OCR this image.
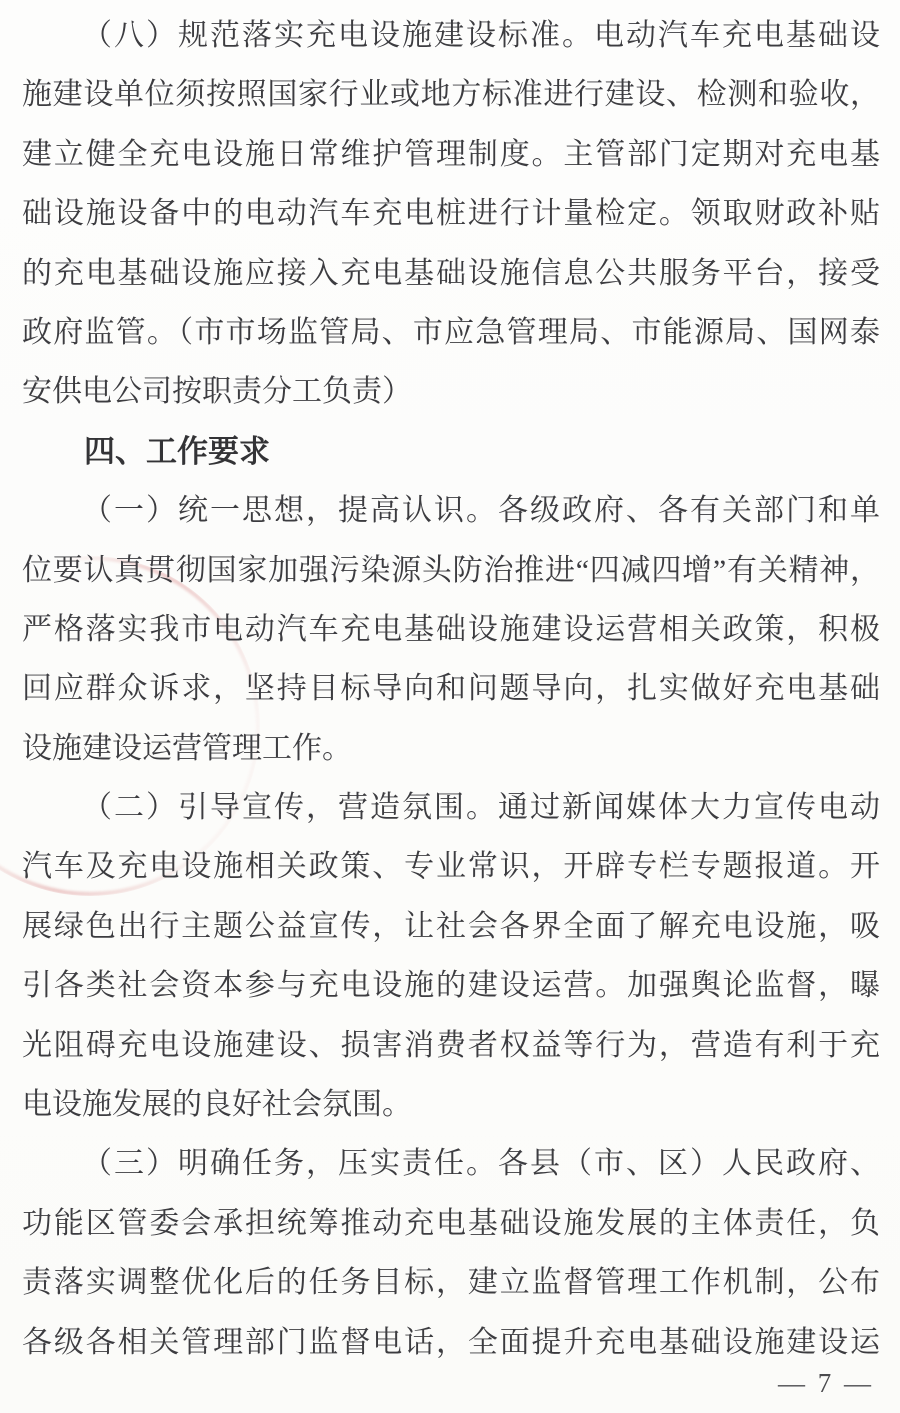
（八）规范落实充电设施建设标准。电动汽车充电基础设
施建设单位须按照国家行业或地方标准进行建设、检测和验收，
建立健全充电设施日常维护管理制度。主管部门定期对充电基
础设施设备中的电动汽车充电桩进行计量检定。领取财政补贴
的充电基础设施应接入充电基础设施信息公共服务平台，接受
政府监管。（市市场监管局、市应急管理局、市能源局、国网泰
安供电公司按职责分工负责）
四、工作要求
（一）统一思想，提高认识。各级政府、各有关部门和单
位要认真贯彻国家加强污染源头防治推进“四减四增”有关精神，
严格落实我市电动汽车充电基础设施建设运营相关政策，积极
回应群众诉求，坚持目标导向和问题导向，扎实做好充电基础
设施建设运营管理工作。
（二）引导宣传，营造氛围。通过新闻媒体大力宣传电动
汽车及充电设施相关政策、专业常识，开辟专栏专题报道。开
展绿色出行主题公益宣传，让社会各界全面了解充电设施，吸
引各类社会资本参与充电设施的建设运营。加强舆论监督，曝
光阻碍充电设施建设、损害消费者权益等行为，营造有利于充
电设施发展的良好社会氛围。
（三）明确任务，压实责任。各县（市、区）人民政府、
功能区管委会承担统筹推动充电基础设施发展的主体责任，负
责落实调整优化后的任务目标，建立监督管理工作机制，公布
各级各相关管理部门监督电话，全面提升充电基础设施建设运
— 7 —
